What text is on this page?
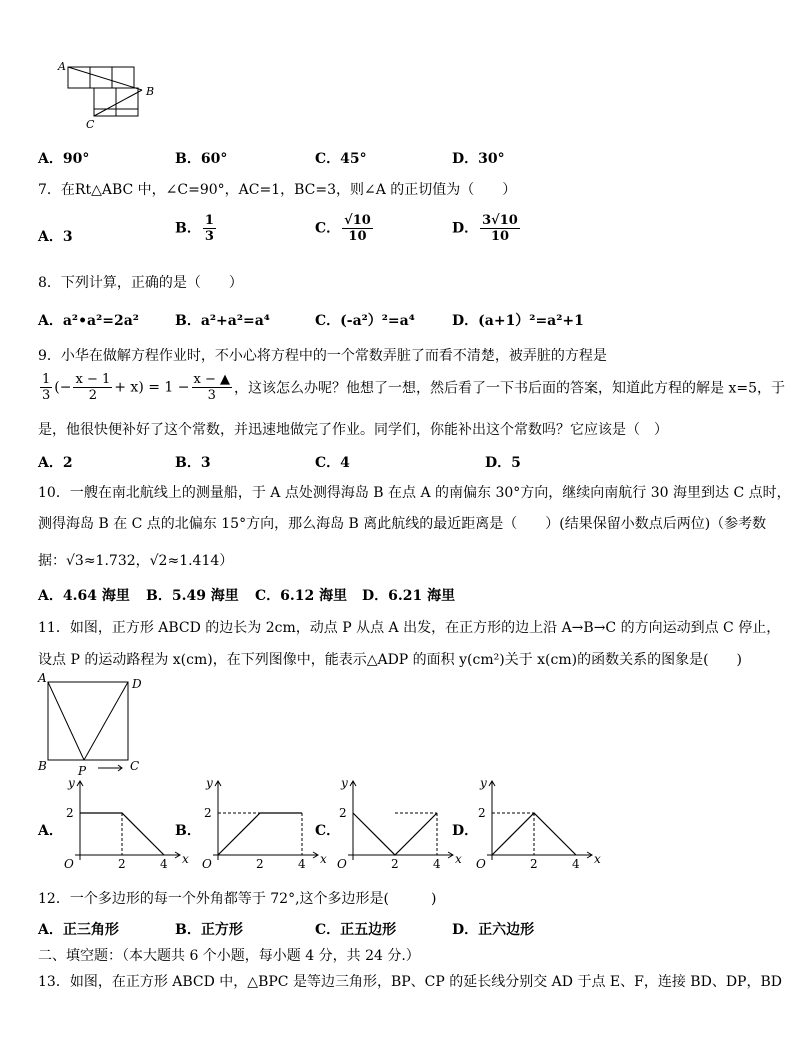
A
B
C
A．90°	B．60°	C．45°	D．30°
7．在Rt△ABC 中，∠C=90°，AC=1，BC=3，则∠A 的正切值为（　　）
A．3
B． $\frac{1}{3}$	C． $\frac{√10}{10}$	D． $\frac{3√10}{10}$
8．下列计算，正确的是（　　）
A．a²•a²=2a²	B．a²+a²=a⁴	C．(-a²）²=a⁴	D．(a+1）²=a²+1
9．小华在做解方程作业时，不小心将方程中的一个常数弄脏了而看不清楚，被弄脏的方程是
$\frac{1}{3}$ (− $\frac{x - 1}{2} + x) = 1 - \frac{x - ▲}{3}$ ，这该怎么办呢？他想了一想，然后看了一下书后面的答案，知道此方程的解是 x=5，于
是，他很快便补好了这个常数，并迅速地做完了作业。同学们，你能补出这个常数吗？它应该是（　）
A．2	B．3	C．4	D．5
10．一艘在南北航线上的测量船，于 A 点处测得海岛 B 在点 A 的南偏东 30°方向，继续向南航行 30 海里到达 C 点时，
测得海岛 B 在 C 点的北偏东 15°方向，那么海岛 B 离此航线的最近距离是（　　）(结果保留小数点后两位)（参考数
据：√3≈1.732，√2≈1.414）
A．4.64 海里 B．5.49 海里 C．6.12 海里 D．6.21 海里
11．如图，正方形 ABCD 的边长为 2cm，动点 P 从点 A 出发，在正方形的边上沿 A→B→C 的方向运动到点 C 停止，
设点 P 的运动路程为 x(cm)，在下列图像中，能表示△ADP 的面积 y(cm²)关于 x(cm)的函数关系的图象是(　　)
A	D
B	C
P
A．	B．	C．	D．
y
x
O	2	4
2
y
x
O	2	4
2
y
x
O	2	4
2
y
x
O	2	4
2
12．一个多边形的每一个外角都等于 72°,这个多边形是(　　　)
A．正三角形	B．正方形	C．正五边形	D．正六边形
二、填空题：（本大题共 6 个小题，每小题 4 分，共 24 分.）
13．如图，在正方形 ABCD 中，△BPC 是等边三角形，BP、CP 的延长线分别交 AD 于点 E、F，连接 BD、DP，BD
